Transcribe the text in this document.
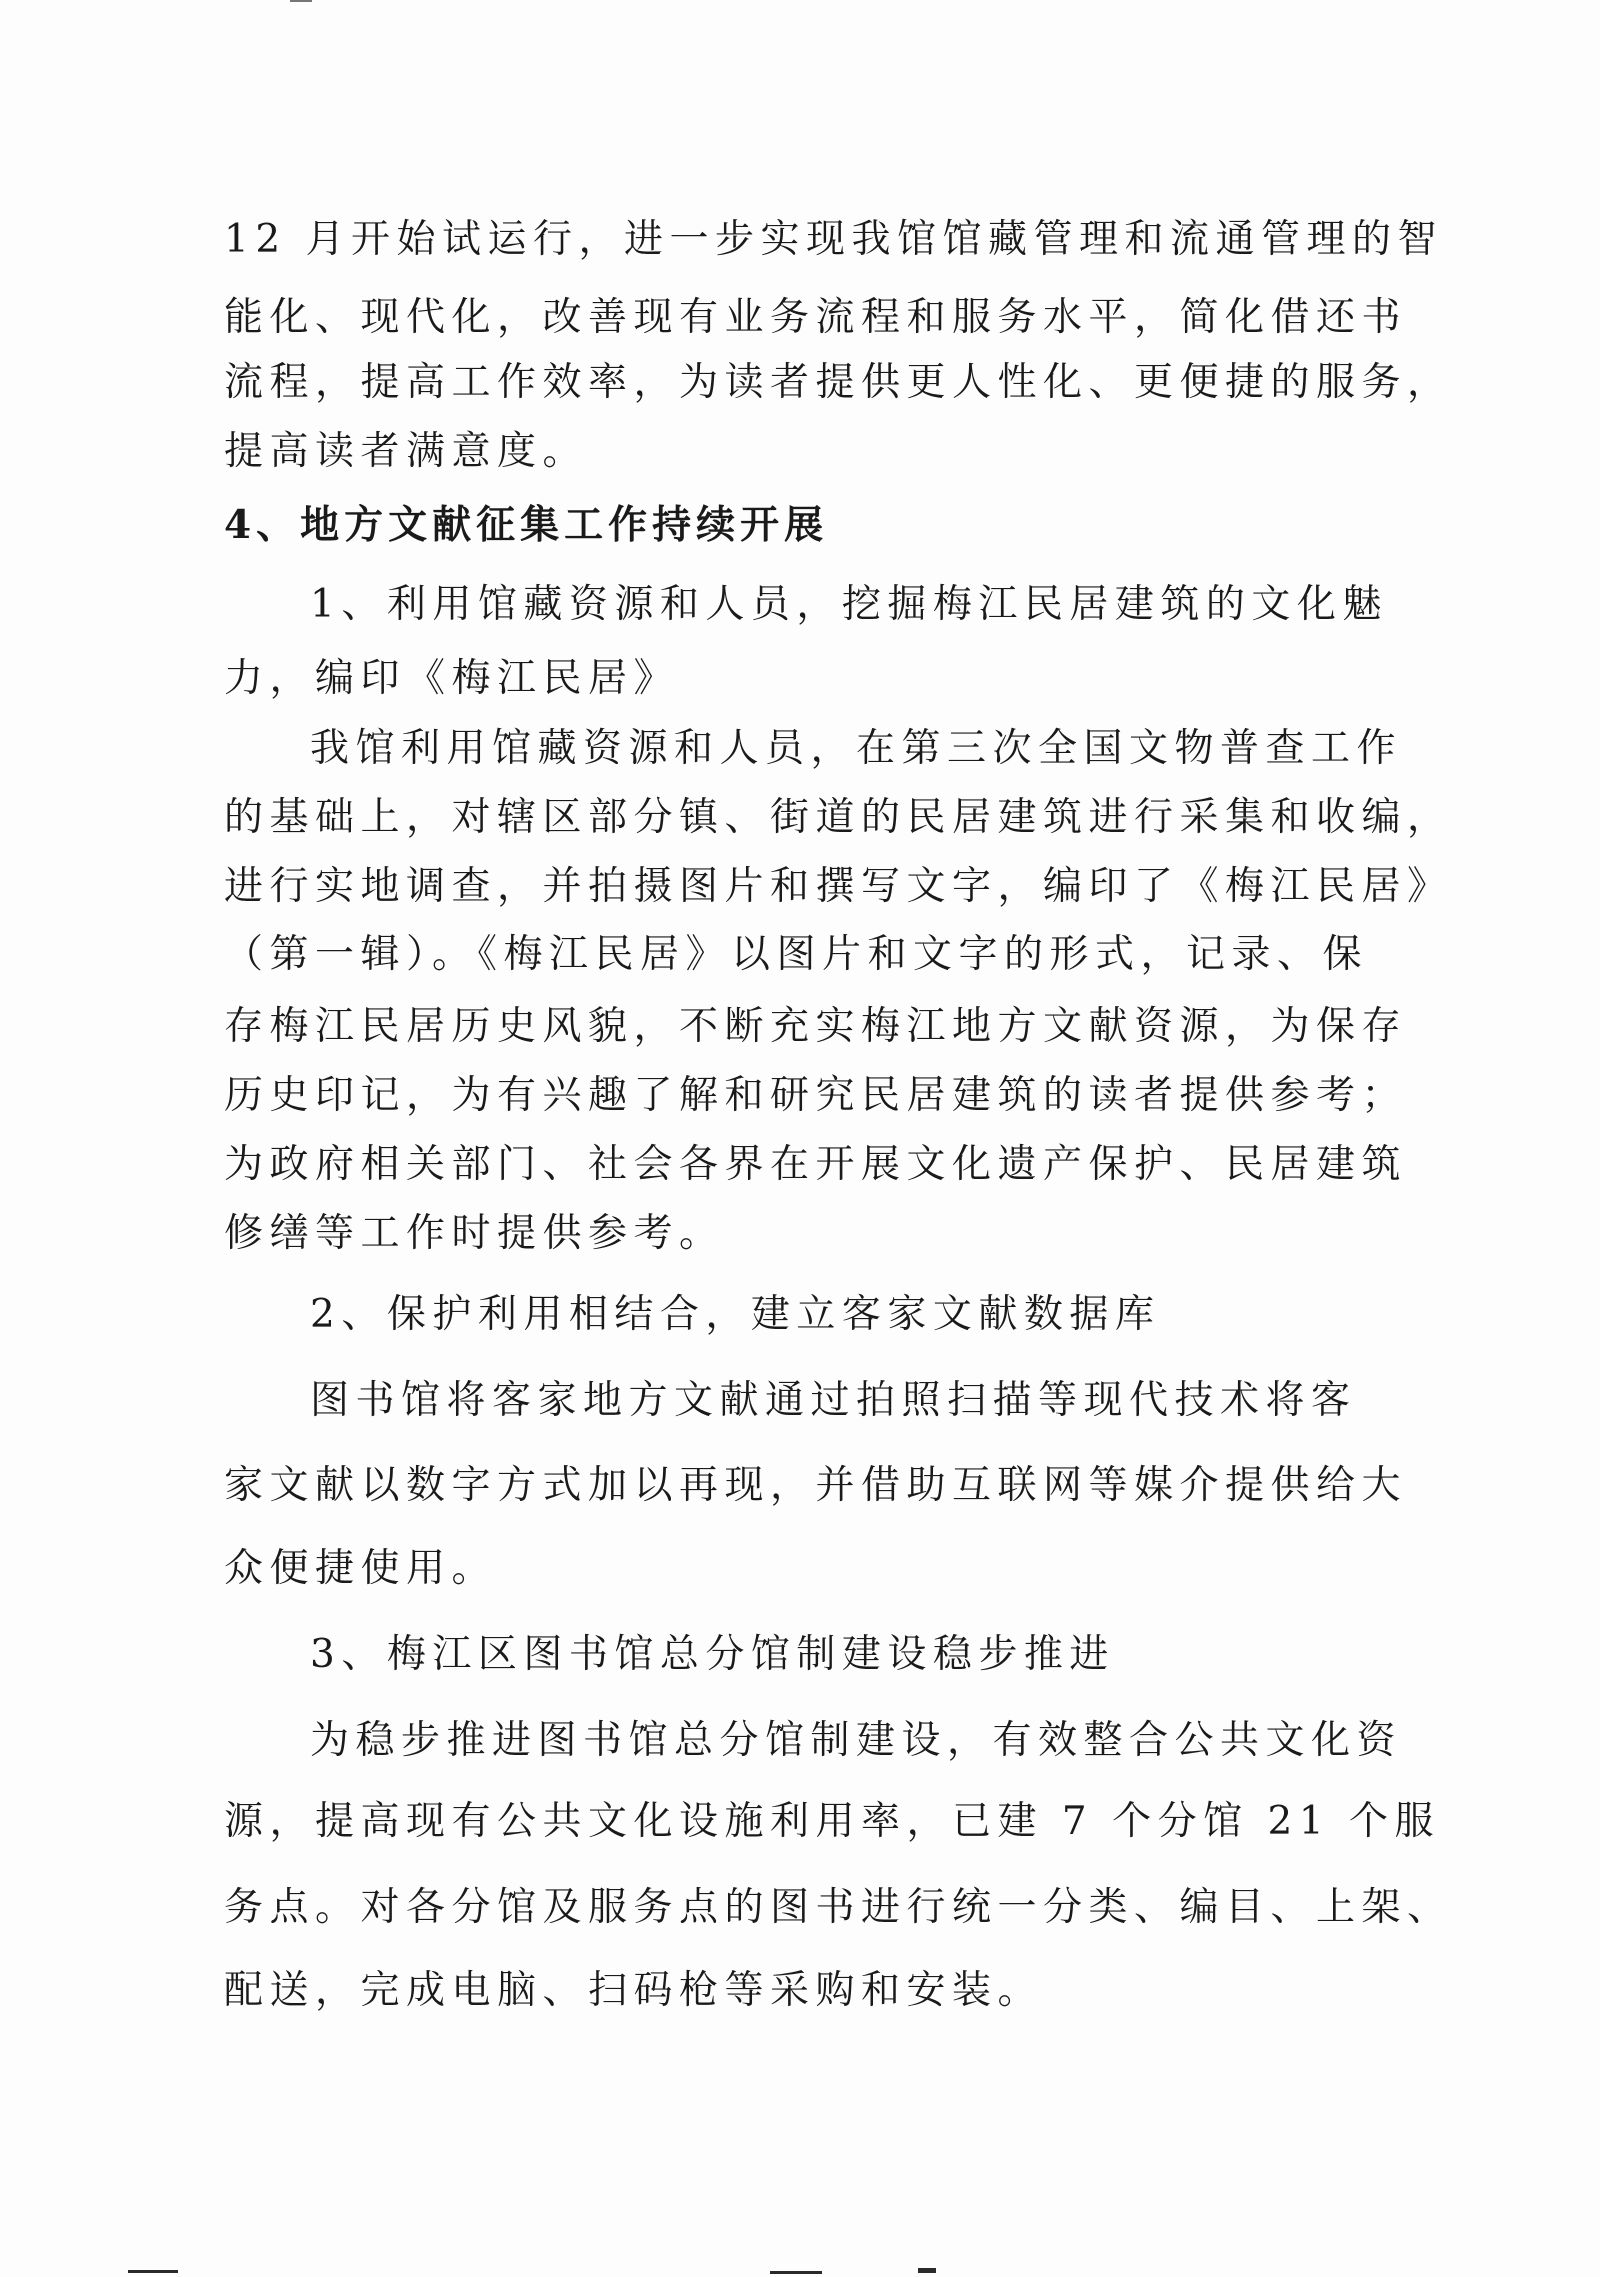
12 月开始试运行，进一步实现我馆馆藏管理和流通管理的智
能化、现代化，改善现有业务流程和服务水平，简化借还书
流程，提高工作效率，为读者提供更人性化、更便捷的服务，
提高读者满意度。
4、地方文献征集工作持续开展
1、利用馆藏资源和人员，挖掘梅江民居建筑的文化魅
力，编印《梅江民居》
我馆利用馆藏资源和人员，在第三次全国文物普查工作
的基础上，对辖区部分镇、街道的民居建筑进行采集和收编，
进行实地调查，并拍摄图片和撰写文字，编印了《梅江民居》
（第一辑）。《梅江民居》以图片和文字的形式，记录、保
存梅江民居历史风貌，不断充实梅江地方文献资源，为保存
历史印记，为有兴趣了解和研究民居建筑的读者提供参考；
为政府相关部门、社会各界在开展文化遗产保护、民居建筑
修缮等工作时提供参考。
2、保护利用相结合，建立客家文献数据库
图书馆将客家地方文献通过拍照扫描等现代技术将客
家文献以数字方式加以再现，并借助互联网等媒介提供给大
众便捷使用。
3、梅江区图书馆总分馆制建设稳步推进
为稳步推进图书馆总分馆制建设，有效整合公共文化资
源，提高现有公共文化设施利用率，已建 7 个分馆 21 个服
务点。对各分馆及服务点的图书进行统一分类、编目、上架、
配送，完成电脑、扫码枪等采购和安装。
